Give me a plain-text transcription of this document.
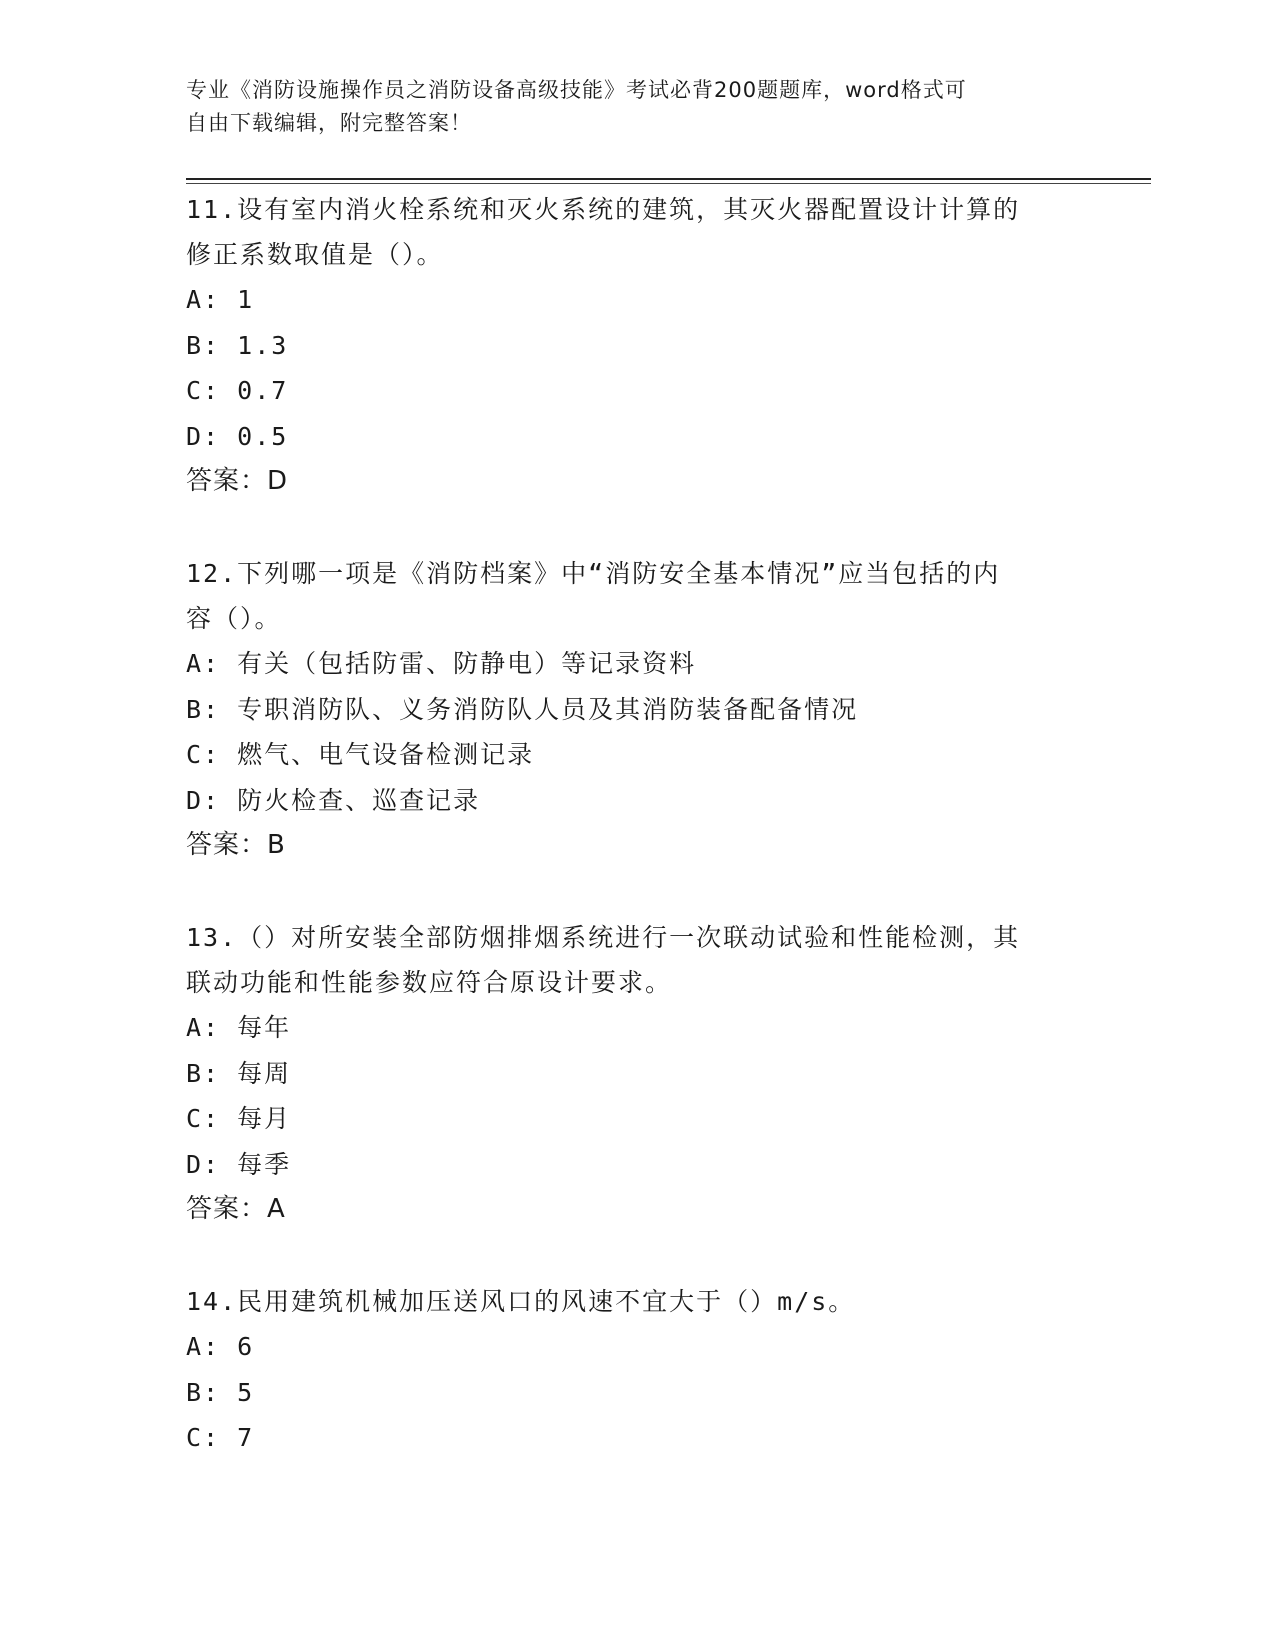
专业《消防设施操作员之消防设备高级技能》考试必背200题题库，word格式可
自由下载编辑，附完整答案！

11.设有室内消火栓系统和灭火系统的建筑，其灭火器配置设计计算的
修正系数取值是（）。

A: 1

B: 1.3

C: 0.7

D: 0.5

答案：D

12.下列哪一项是《消防档案》中“消防安全基本情况”应当包括的内
容（）。

A: 有关（包括防雷、防静电）等记录资料

B: 专职消防队、义务消防队人员及其消防装备配备情况

C: 燃气、电气设备检测记录

D: 防火检查、巡查记录

答案：B

13.（）对所安装全部防烟排烟系统进行一次联动试验和性能检测，其
联动功能和性能参数应符合原设计要求。

A: 每年

B: 每周

C: 每月

D: 每季

答案：A

14.民用建筑机械加压送风口的风速不宜大于（）m/s。

A: 6

B: 5

C: 7
